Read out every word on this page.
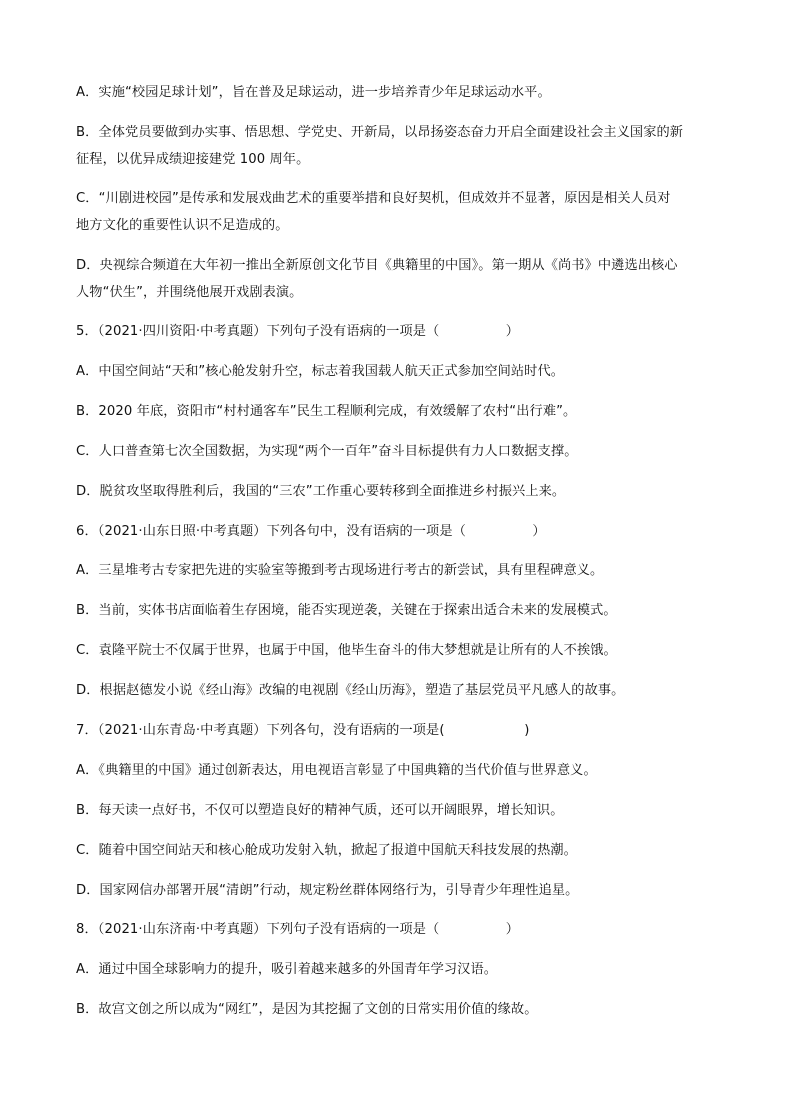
A．实施“校园足球计划”，旨在普及足球运动，进一步培养青少年足球运动水平。
B．全体党员要做到办实事、悟思想、学党史、开新局，以昂扬姿态奋力开启全面建设社会主义国家的新
征程，以优异成绩迎接建党 100 周年。
C．“川剧进校园”是传承和发展戏曲艺术的重要举措和良好契机，但成效并不显著，原因是相关人员对
地方文化的重要性认识不足造成的。
D．央视综合频道在大年初一推出全新原创文化节目《典籍里的中国》。第一期从《尚书》中遴选出核心
人物“伏生”，并围绕他展开戏剧表演。
5．（2021·四川资阳·中考真题）下列句子没有语病的一项是（　　　　　）
A．中国空间站“天和”核心舱发射升空，标志着我国载人航天正式参加空间站时代。
B．2020 年底，资阳市“村村通客车”民生工程顺利完成，有效缓解了农村“出行难”。
C．人口普查第七次全国数据，为实现“两个一百年”奋斗目标提供有力人口数据支撑。
D．脱贫攻坚取得胜利后，我国的“三农”工作重心要转移到全面推进乡村振兴上来。
6．（2021·山东日照·中考真题）下列各句中，没有语病的一项是（　　　　　）
A．三星堆考古专家把先进的实验室等搬到考古现场进行考古的新尝试，具有里程碑意义。
B．当前，实体书店面临着生存困境，能否实现逆袭，关键在于探索出适合未来的发展模式。
C．袁隆平院士不仅属于世界，也属于中国，他毕生奋斗的伟大梦想就是让所有的人不挨饿。
D．根据赵德发小说《经山海》改编的电视剧《经山历海》，塑造了基层党员平凡感人的故事。
7．（2021·山东青岛·中考真题）下列各句，没有语病的一项是(　　　　　　)
A．《典籍里的中国》通过创新表达，用电视语言彰显了中国典籍的当代价值与世界意义。
B．每天读一点好书，不仅可以塑造良好的精神气质，还可以开阔眼界，增长知识。
C．随着中国空间站天和核心舱成功发射入轨，掀起了报道中国航天科技发展的热潮。
D．国家网信办部署开展“清朗”行动，规定粉丝群体网络行为，引导青少年理性追星。
8．（2021·山东济南·中考真题）下列句子没有语病的一项是（　　　　　）
A．通过中国全球影响力的提升，吸引着越来越多的外国青年学习汉语。
B．故宫文创之所以成为“网红”，是因为其挖掘了文创的日常实用价值的缘故。
